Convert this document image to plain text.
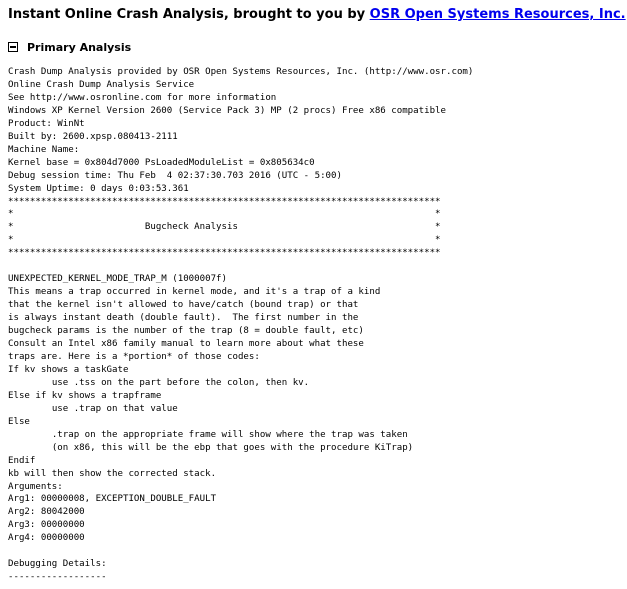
Instant Online Crash Analysis, brought to you by OSR Open Systems Resources, Inc.
Primary Analysis
Crash Dump Analysis provided by OSR Open Systems Resources, Inc. (http://www.osr.com)
Online Crash Dump Analysis Service
See http://www.osronline.com for more information
Windows XP Kernel Version 2600 (Service Pack 3) MP (2 procs) Free x86 compatible
Product: WinNt
Built by: 2600.xpsp.080413-2111
Machine Name:
Kernel base = 0x804d7000 PsLoadedModuleList = 0x805634c0
Debug session time: Thu Feb  4 02:37:30.703 2016 (UTC - 5:00)
System Uptime: 0 days 0:03:53.361
*******************************************************************************
*                                                                             *
*                        Bugcheck Analysis                                    *
*                                                                             *
*******************************************************************************

UNEXPECTED_KERNEL_MODE_TRAP_M (1000007f)
This means a trap occurred in kernel mode, and it's a trap of a kind
that the kernel isn't allowed to have/catch (bound trap) or that
is always instant death (double fault).  The first number in the
bugcheck params is the number of the trap (8 = double fault, etc)
Consult an Intel x86 family manual to learn more about what these
traps are. Here is a *portion* of those codes:
If kv shows a taskGate
	use .tss on the part before the colon, then kv.
Else if kv shows a trapframe
	use .trap on that value
Else
	.trap on the appropriate frame will show where the trap was taken
	(on x86, this will be the ebp that goes with the procedure KiTrap)
Endif
kb will then show the corrected stack.
Arguments:
Arg1: 00000008, EXCEPTION_DOUBLE_FAULT
Arg2: 80042000
Arg3: 00000000
Arg4: 00000000

Debugging Details:
------------------
